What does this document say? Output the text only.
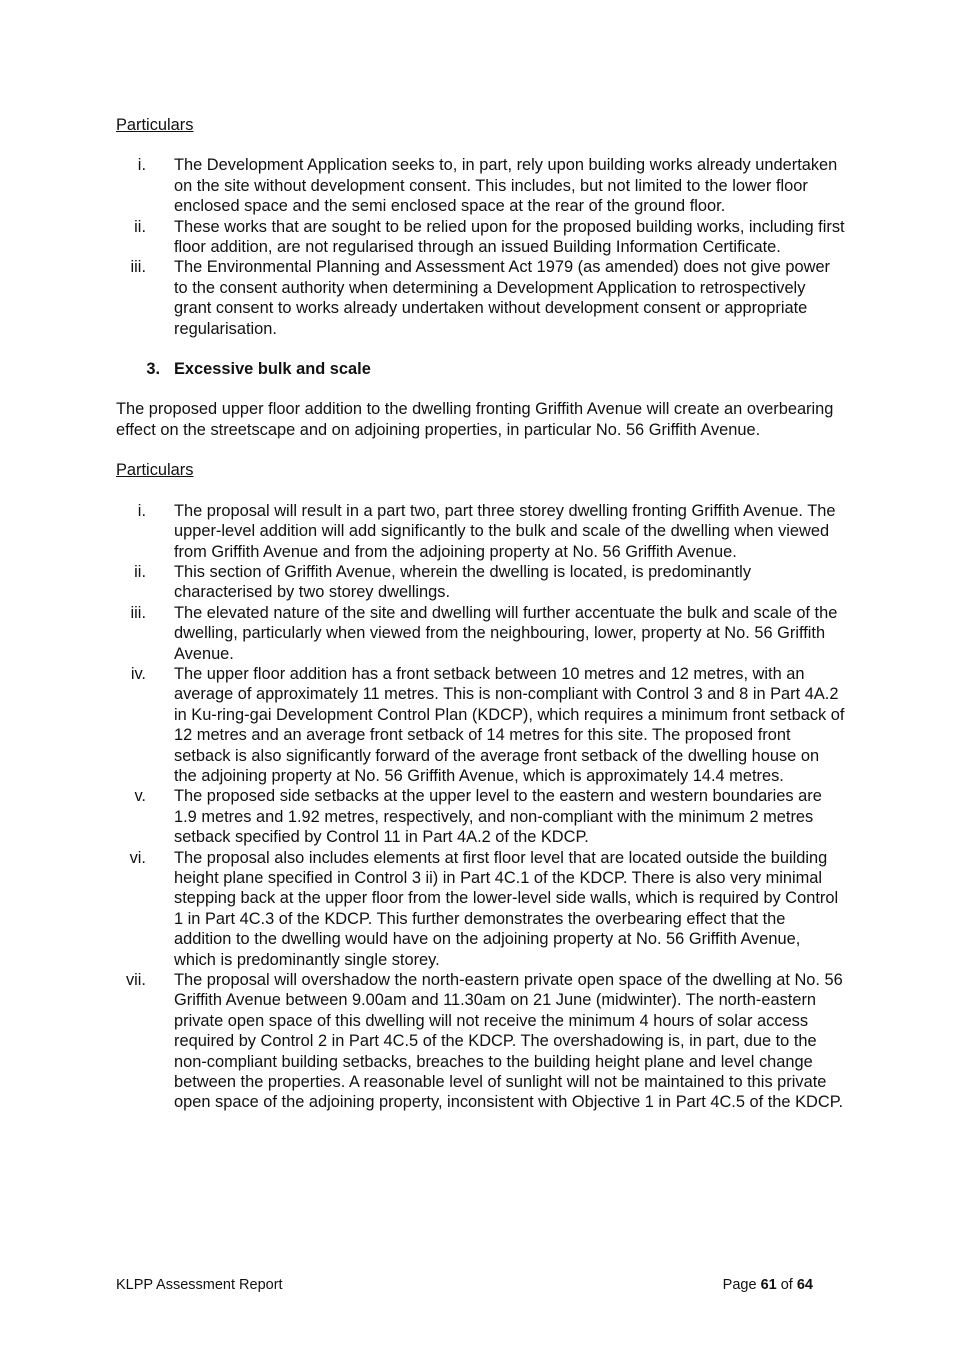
Particulars

i. The Development Application seeks to, in part, rely upon building works already undertaken on the site without development consent. This includes, but not limited to the lower floor enclosed space and the semi enclosed space at the rear of the ground floor.
ii. These works that are sought to be relied upon for the proposed building works, including first floor addition, are not regularised through an issued Building Information Certificate.
iii. The Environmental Planning and Assessment Act 1979 (as amended) does not give power to the consent authority when determining a Development Application to retrospectively grant consent to works already undertaken without development consent or appropriate regularisation.

3. Excessive bulk and scale

The proposed upper floor addition to the dwelling fronting Griffith Avenue will create an overbearing effect on the streetscape and on adjoining properties, in particular No. 56 Griffith Avenue.

Particulars

i. The proposal will result in a part two, part three storey dwelling fronting Griffith Avenue. The upper-level addition will add significantly to the bulk and scale of the dwelling when viewed from Griffith Avenue and from the adjoining property at No. 56 Griffith Avenue.
ii. This section of Griffith Avenue, wherein the dwelling is located, is predominantly characterised by two storey dwellings.
iii. The elevated nature of the site and dwelling will further accentuate the bulk and scale of the dwelling, particularly when viewed from the neighbouring, lower, property at No. 56 Griffith Avenue.
iv. The upper floor addition has a front setback between 10 metres and 12 metres, with an average of approximately 11 metres. This is non-compliant with Control 3 and 8 in Part 4A.2 in Ku-ring-gai Development Control Plan (KDCP), which requires a minimum front setback of 12 metres and an average front setback of 14 metres for this site. The proposed front setback is also significantly forward of the average front setback of the dwelling house on the adjoining property at No. 56 Griffith Avenue, which is approximately 14.4 metres.
v. The proposed side setbacks at the upper level to the eastern and western boundaries are 1.9 metres and 1.92 metres, respectively, and non-compliant with the minimum 2 metres setback specified by Control 11 in Part 4A.2 of the KDCP.
vi. The proposal also includes elements at first floor level that are located outside the building height plane specified in Control 3 ii) in Part 4C.1 of the KDCP. There is also very minimal stepping back at the upper floor from the lower-level side walls, which is required by Control 1 in Part 4C.3 of the KDCP. This further demonstrates the overbearing effect that the addition to the dwelling would have on the adjoining property at No. 56 Griffith Avenue, which is predominantly single storey.
vii. The proposal will overshadow the north-eastern private open space of the dwelling at No. 56 Griffith Avenue between 9.00am and 11.30am on 21 June (midwinter). The north-eastern private open space of this dwelling will not receive the minimum 4 hours of solar access required by Control 2 in Part 4C.5 of the KDCP. The overshadowing is, in part, due to the non-compliant building setbacks, breaches to the building height plane and level change between the properties. A reasonable level of sunlight will not be maintained to this private open space of the adjoining property, inconsistent with Objective 1 in Part 4C.5 of the KDCP.
KLPP Assessment Report	Page 61 of 64
